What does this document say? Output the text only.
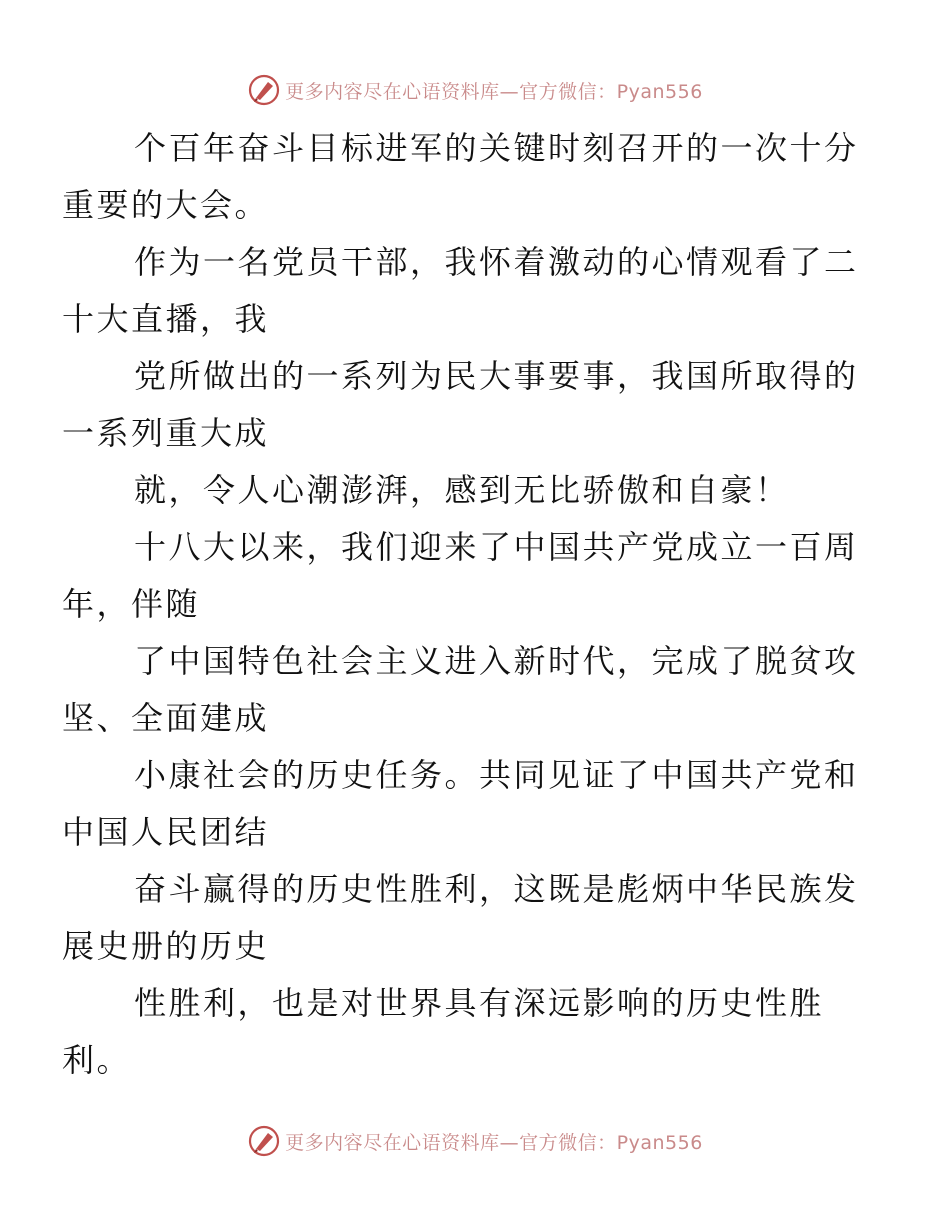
更多内容尽在心语资料库—官方微信：Pyan556

个百年奋斗目标进军的关键时刻召开的一次十分
重要的大会。

作为一名党员干部，我怀着激动的心情观看了二
十大直播，我

党所做出的一系列为民大事要事，我国所取得的
一系列重大成

就，令人心潮澎湃，感到无比骄傲和自豪！

十八大以来，我们迎来了中国共产党成立一百周
年，伴随

了中国特色社会主义进入新时代，完成了脱贫攻
坚、全面建成

小康社会的历史任务。共同见证了中国共产党和
中国人民团结

奋斗赢得的历史性胜利，这既是彪炳中华民族发
展史册的历史

性胜利，也是对世界具有深远影响的历史性胜
利。

更多内容尽在心语资料库—官方微信：Pyan556
